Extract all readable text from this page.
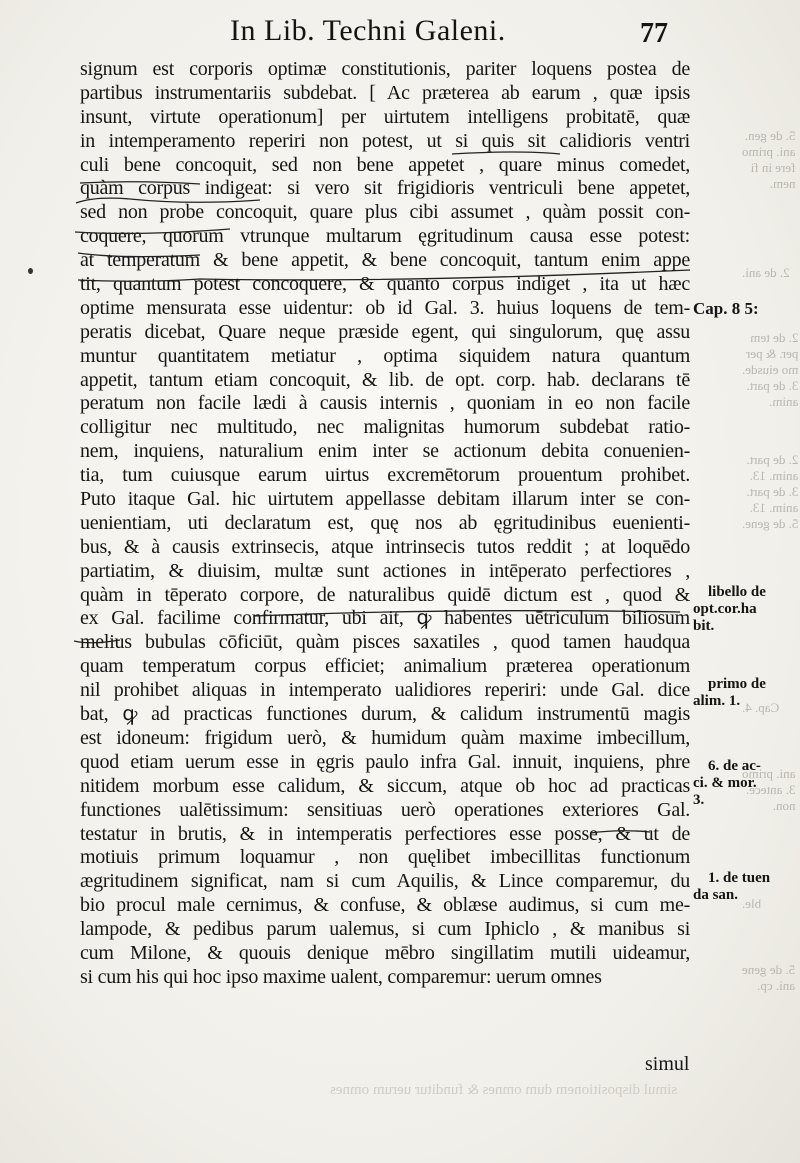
In Lib. Techni Galeni.	77
signum est corporis optimæ constitutionis, pariter loquens postea de
partibus instrumentariis subdebat. [ Ac prӕterea ab earum , quæ ipsis
insunt, virtute operationum] per uirtutem intelligens probitatē, quæ
in intemperamento reperiri non potest, ut si quis sit calidioris ventri
culi bene concoquit, sed non bene appetet , quare minus comedet,
quàm corpus indigeat: si vero sit frigidioris ventriculi bene appetet,
sed non probe concoquit, quare plus cibi assumet , quàm possit con-
coquere, quorum vtrunque multarum ęgritudinum causa esse potest:
at temperatum & bene appetit, & bene concoquit, tantum enim appe
tit, quantum potest concoquere, & quanto corpus indiget , ita ut hæc
optime mensurata esse uidentur: ob id Gal. 3. huius loquens de tem-
peratis dicebat, Quare neque præside egent, qui singulorum, quę assu
muntur quantitatem metiatur , optima siquidem natura quantum
appetit, tantum etiam concoquit, & lib. de opt. corp. hab. declarans tē
peratum non facile lædi à causis internis , quoniam in eo non facile
colligitur nec multitudo, nec malignitas humorum subdebat ratio-
nem, inquiens, naturalium enim inter se actionum debita conuenien-
tia, tum cuiusque earum uirtus excremētorum prouentum prohibet.
Puto itaque Gal. hic uirtutem appellasse debitam illarum inter se con-
uenientiam, uti declaratum est, quę nos ab ęgritudinibus euenienti-
bus, & à causis extrinsecis, atque intrinsecis tutos reddit ; at loquēdo
partiatim, & diuisim, multæ sunt actiones in intēperato perfectiores ,
quàm in tēperato corpore, de naturalibus quidē dictum est , quod &
ex Gal. facilime confirmatur, ubi ait, ꝙ habentes uētriculum biliosum
melius bubulas cōficiūt, quàm pisces saxatiles , quod tamen haudqua
quam temperatum corpus efficiet; animalium præterea operationum
nil prohibet aliquas in intemperato ualidiores reperiri: unde Gal. dice
bat, ꝙ ad practicas functiones durum, & calidum instrumentū magis
est idoneum: frigidum uerò, & humidum quàm maxime imbecillum,
quod etiam uerum esse in ęgris paulo infra Gal. innuit, inquiens, phre
nitidem morbum esse calidum, & siccum, atque ob hoc ad practicas
functiones ualētissimum: sensitiuas uerò operationes exteriores Gal.
testatur in brutis, & in intemperatis perfectiores esse posse, & ut de
motiuis primum loquamur , non quęlibet imbecillitas functionum
ægritudinem significat, nam si cum Aquilis, & Lince comparemur, du
bio procul male cernimus, & confuse, & oblæse audimus, si cum me-
lampode, & pedibus parum ualemus, si cum Iphiclo , & manibus si
cum Milone, & quouis denique mēbro singillatim mutili uideamur,
si cum his qui hoc ipso maxime ualent, comparemur: uerum omnes
simul
Cap. 8 5:

libello de
opt.cor.ha
bit.

primo de
alim. 1.

6. de ac-
ci. & mor.
3.

1. de tuen
da san.

5. de gen.
ani. primo
fere in fi
nem.
2. de ani.
2. de tem
per. & per
mo eiusde.
3. de part.
anim.
2. de part.
anim. 13.
3. de part.
anim. 13.
5. de gene.
Cap. 4.
ani. primo
3. antece.
non.
ble.
5. de gene
ani. cp.
simul dispositionem dum omnes & funditur uerum omnes
